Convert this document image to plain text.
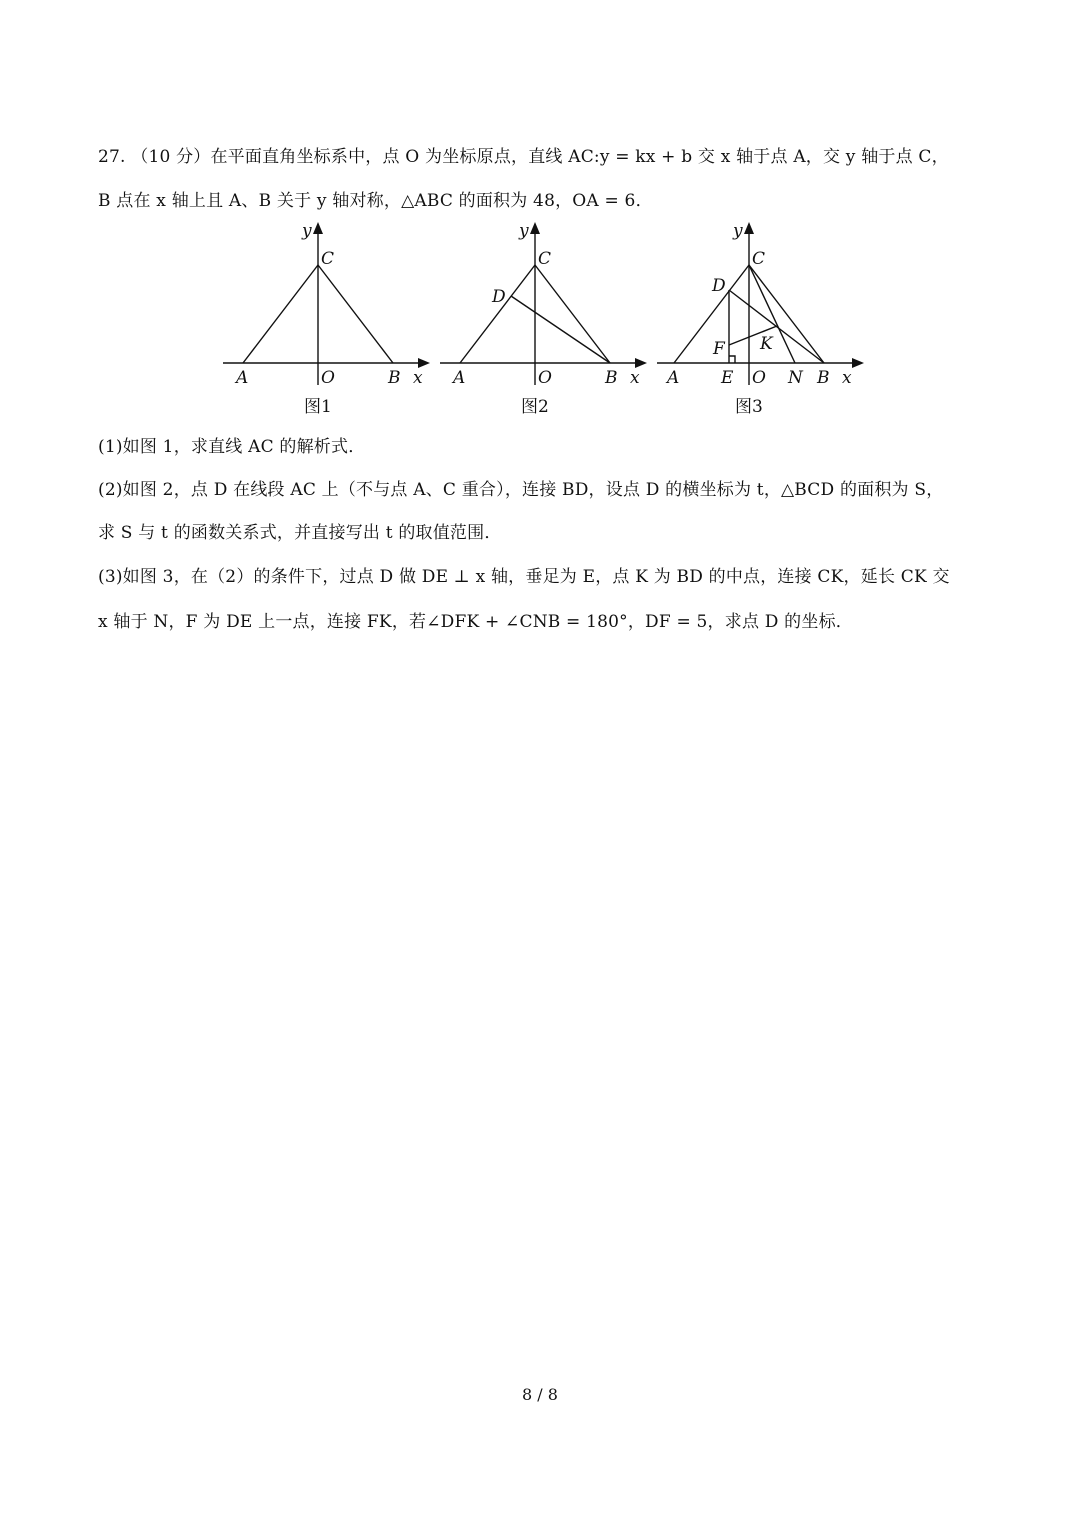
27. （10 分）在平面直角坐标系中，点 O 为坐标原点，直线 AC:y = kx + b 交 x 轴于点 A，交 y 轴于点 C，
B 点在 x 轴上且 A、B 关于 y 轴对称，△ABC 的面积为 48，OA = 6．
y
C
A	O	B x
图1
y
C
D
A	O	B x
图2
y
C
D
F K
A E O N B x
图3
(1)如图 1，求直线 AC 的解析式．
(2)如图 2，点 D 在线段 AC 上（不与点 A、C 重合），连接 BD，设点 D 的横坐标为 t，△BCD 的面积为 S，
求 S 与 t 的函数关系式，并直接写出 t 的取值范围．
(3)如图 3，在（2）的条件下，过点 D 做 DE ⊥ x 轴，垂足为 E，点 K 为 BD 的中点，连接 CK，延长 CK 交
x 轴于 N，F 为 DE 上一点，连接 FK，若∠DFK + ∠CNB = 180°，DF = 5，求点 D 的坐标．
8 / 8
